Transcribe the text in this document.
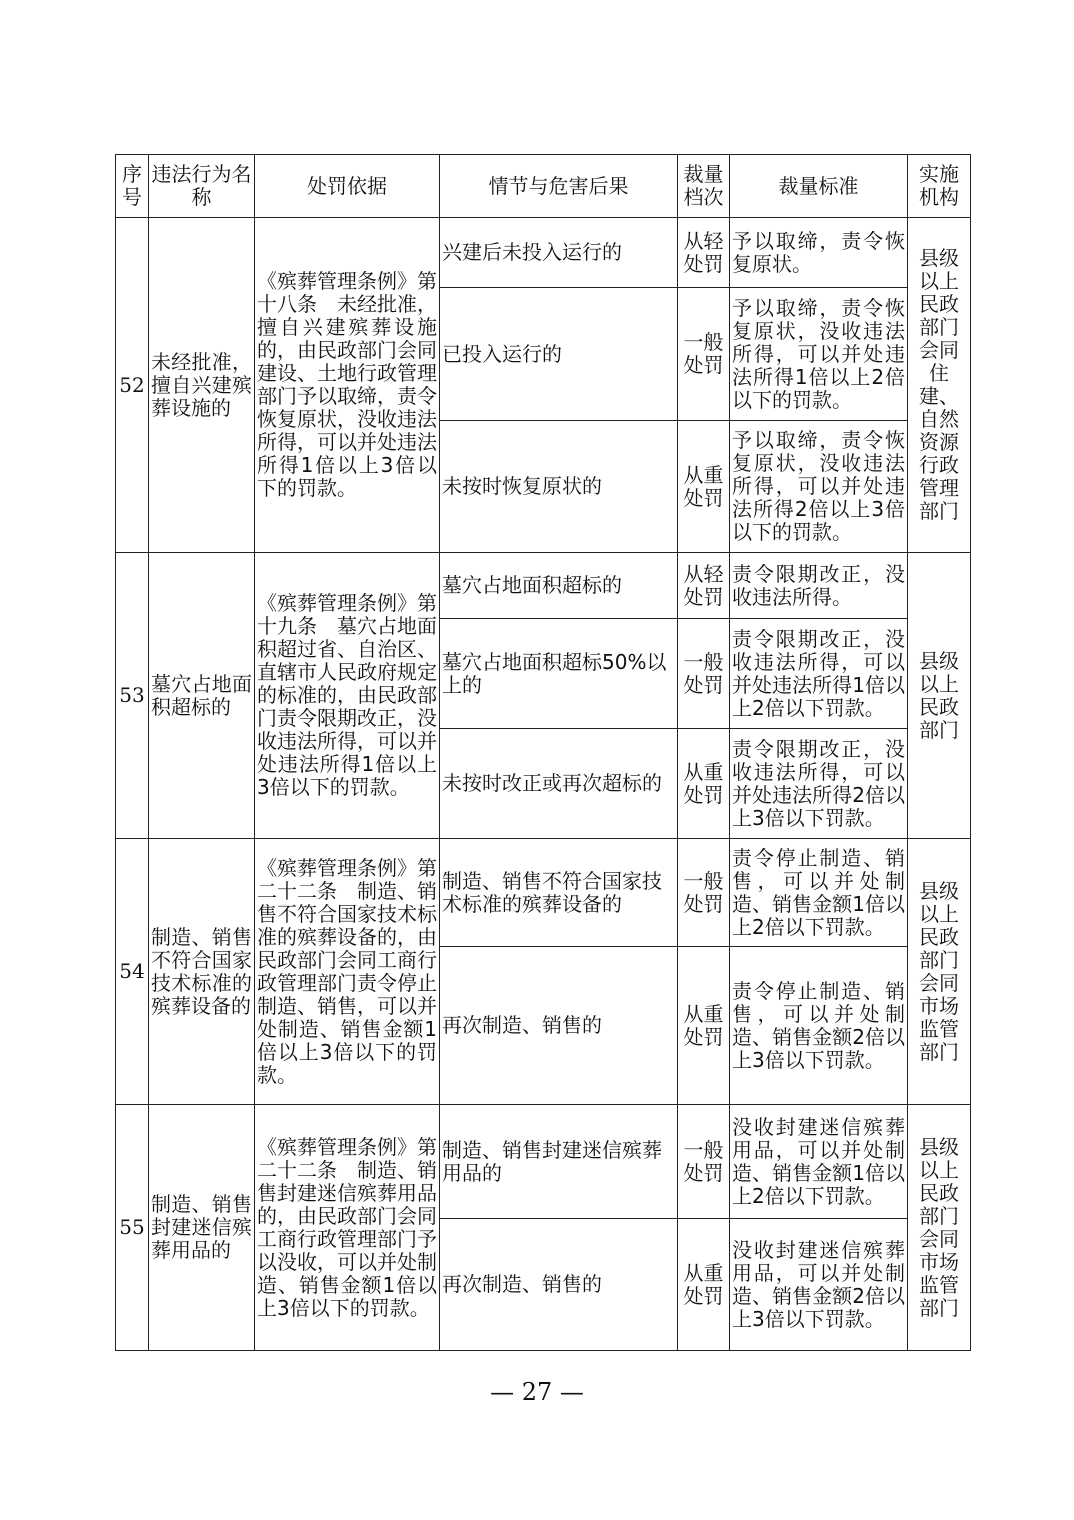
序号	违法行为名称	处罚依据	情节与危害后果	裁量档次	裁量标准	实施机构
52	未经批准，擅自兴建殡葬设施的	《殡葬管理条例》第十八条　未经批准，擅自兴建殡葬设施的，由民政部门会同建设、土地行政管理部门予以取缔，责令恢复原状，没收违法所得，可以并处违法所得1倍以上3倍以下的罚款。	兴建后未投入运行的	从轻处罚	予以取缔，责令恢复原状。	县级以上民政部门会同住建、自然资源行政管理部门
			已投入运行的	一般处罚	予以取缔，责令恢复原状，没收违法所得，可以并处违法所得1倍以上2倍以下的罚款。	
			未按时恢复原状的	从重处罚	予以取缔，责令恢复原状，没收违法所得，可以并处违法所得2倍以上3倍以下的罚款。	
53	墓穴占地面积超标的	《殡葬管理条例》第十九条　墓穴占地面积超过省、自治区、直辖市人民政府规定的标准的，由民政部门责令限期改正，没收违法所得，可以并处违法所得1倍以上3倍以下的罚款。	墓穴占地面积超标的	从轻处罚	责令限期改正，没收违法所得。	县级以上民政部门
			墓穴占地面积超标50%以上的	一般处罚	责令限期改正，没收违法所得，可以并处违法所得1倍以上2倍以下罚款。	
			未按时改正或再次超标的	从重处罚	责令限期改正，没收违法所得，可以并处违法所得2倍以上3倍以下罚款。	
54	制造、销售不符合国家技术标准的殡葬设备的	《殡葬管理条例》第二十二条　制造、销售不符合国家技术标准的殡葬设备的，由民政部门会同工商行政管理部门责令停止制造、销售，可以并处制造、销售金额1倍以上3倍以下的罚款。	制造、销售不符合国家技术标准的殡葬设备的	一般处罚	责令停止制造、销售，可以并处制造、销售金额1倍以上2倍以下罚款。	县级以上民政部门会同市场监管部门
			再次制造、销售的	从重处罚	责令停止制造、销售，可以并处制造、销售金额2倍以上3倍以下罚款。	
55	制造、销售封建迷信殡葬用品的	《殡葬管理条例》第二十二条　制造、销售封建迷信殡葬用品的，由民政部门会同工商行政管理部门予以没收，可以并处制造、销售金额1倍以上3倍以下的罚款。	制造、销售封建迷信殡葬用品的	一般处罚	没收封建迷信殡葬用品，可以并处制造、销售金额1倍以上2倍以下罚款。	县级以上民政部门会同市场监管部门
			再次制造、销售的	从重处罚	没收封建迷信殡葬用品，可以并处制造、销售金额2倍以上3倍以下罚款。	
— 27 —
